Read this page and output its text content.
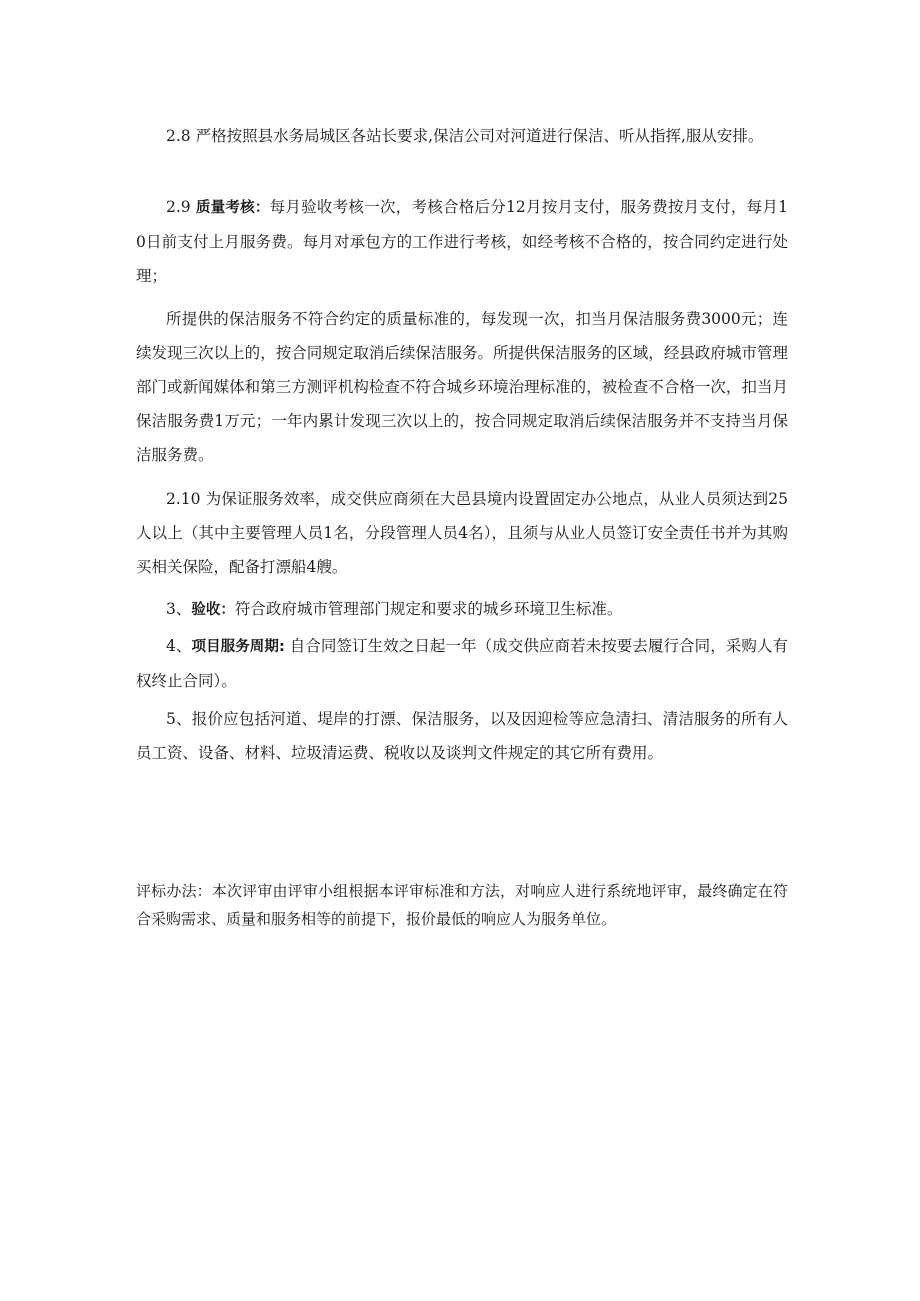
2.8 严格按照县水务局城区各站长要求,保洁公司对河道进行保洁、听从指挥,服从安排。

2.9 质量考核：每月验收考核一次，考核合格后分12月按月支付，服务费按月支付，每月10日前支付上月服务费。每月对承包方的工作进行考核，如经考核不合格的，按合同约定进行处理；

所提供的保洁服务不符合约定的质量标准的，每发现一次，扣当月保洁服务费3000元；连续发现三次以上的，按合同规定取消后续保洁服务。所提供保洁服务的区域，经县政府城市管理部门或新闻媒体和第三方测评机构检查不符合城乡环境治理标准的，被检查不合格一次，扣当月保洁服务费1万元；一年内累计发现三次以上的，按合同规定取消后续保洁服务并不支持当月保洁服务费。

2.10 为保证服务效率，成交供应商须在大邑县境内设置固定办公地点，从业人员须达到25人以上（其中主要管理人员1名，分段管理人员4名），且须与从业人员签订安全责任书并为其购买相关保险，配备打漂船4艘。

3、验收：符合政府城市管理部门规定和要求的城乡环境卫生标准。

4、项目服务周期: 自合同签订生效之日起一年（成交供应商若未按要去履行合同，采购人有权终止合同）。

5、报价应包括河道、堤岸的打漂、保洁服务，以及因迎检等应急清扫、清洁服务的所有人员工资、设备、材料、垃圾清运费、税收以及谈判文件规定的其它所有费用。

评标办法：本次评审由评审小组根据本评审标准和方法，对响应人进行系统地评审，最终确定在符合采购需求、质量和服务相等的前提下，报价最低的响应人为服务单位。
